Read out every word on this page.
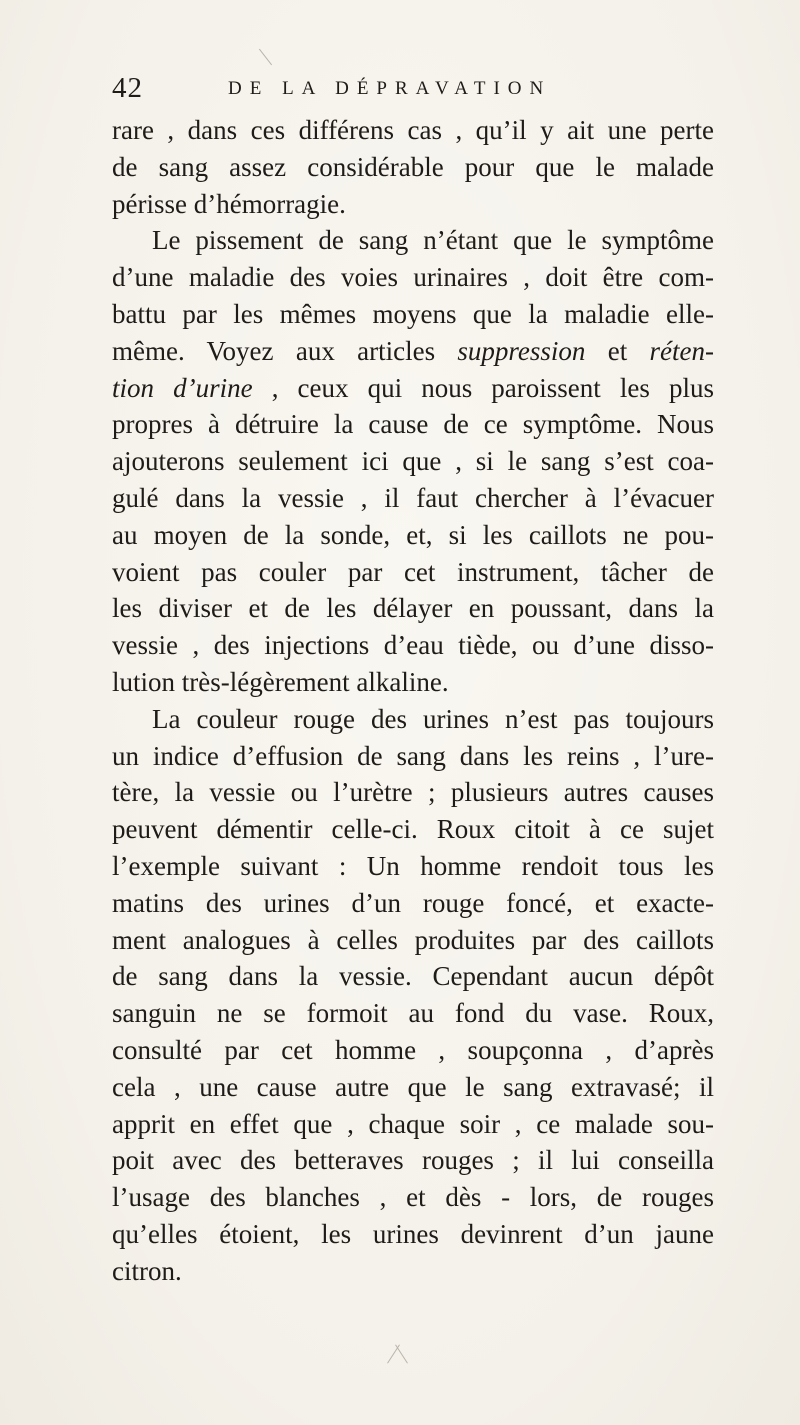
42	DE LA DÉPRAVATION
rare , dans ces différens cas , qu’il y ait une perte
de sang assez considérable pour que le malade
périsse d’hémorragie.
Le pissement de sang n’étant que le symptôme
d’une maladie des voies urinaires , doit être com-
battu par les mêmes moyens que la maladie elle-
même. Voyez aux articles suppression et réten-
tion d’urine , ceux qui nous paroissent les plus
propres à détruire la cause de ce symptôme. Nous
ajouterons seulement ici que , si le sang s’est coa-
gulé dans la vessie , il faut chercher à l’évacuer
au moyen de la sonde, et, si les caillots ne pou-
voient pas couler par cet instrument, tâcher de
les diviser et de les délayer en poussant, dans la
vessie , des injections d’eau tiède, ou d’une disso-
lution très-légèrement alkaline.
La couleur rouge des urines n’est pas toujours
un indice d’effusion de sang dans les reins , l’ure-
tère, la vessie ou l’urètre ; plusieurs autres causes
peuvent démentir celle-ci. Roux citoit à ce sujet
l’exemple suivant : Un homme rendoit tous les
matins des urines d’un rouge foncé, et exacte-
ment analogues à celles produites par des caillots
de sang dans la vessie. Cependant aucun dépôt
sanguin ne se formoit au fond du vase. Roux,
consulté par cet homme , soupçonna , d’après
cela , une cause autre que le sang extravasé; il
apprit en effet que , chaque soir , ce malade sou-
poit avec des betteraves rouges ; il lui conseilla
l’usage des blanches , et dès - lors, de rouges
qu’elles étoient, les urines devinrent d’un jaune
citron.
